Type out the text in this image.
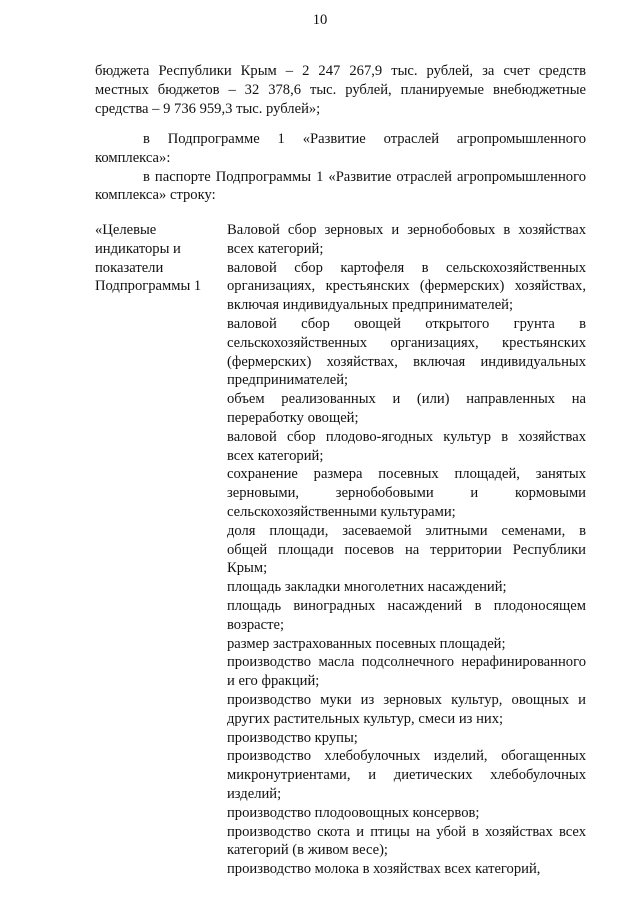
10
бюджета Республики Крым – 2 247 267,9 тыс. рублей, за счет средств
местных бюджетов – 32 378,6 тыс. рублей, планируемые внебюджетные
средства – 9 736 959,3 тыс. рублей»;
в Подпрограмме 1 «Развитие отраслей агропромышленного
комплекса»:
в паспорте Подпрограммы 1 «Развитие отраслей агропромышленного
комплекса» строку:
«Целевые
индикаторы и
показатели
Подпрограммы 1
Валовой сбор зерновых и зернобобовых в хозяйствах
всех категорий;
валовой сбор картофеля в сельскохозяйственных
организациях, крестьянских (фермерских) хозяйствах,
включая индивидуальных предпринимателей;
валовой сбор овощей открытого грунта в
сельскохозяйственных организациях, крестьянских
(фермерских) хозяйствах, включая индивидуальных
предпринимателей;
объем реализованных и (или) направленных на
переработку овощей;
валовой сбор плодово-ягодных культур в хозяйствах
всех категорий;
сохранение размера посевных площадей, занятых
зерновыми, зернобобовыми и кормовыми
сельскохозяйственными культурами;
доля площади, засеваемой элитными семенами, в
общей площади посевов на территории Республики
Крым;
площадь закладки многолетних насаждений;
площадь виноградных насаждений в плодоносящем
возрасте;
размер застрахованных посевных площадей;
производство масла подсолнечного нерафинированного
и его фракций;
производство муки из зерновых культур, овощных и
других растительных культур, смеси из них;
производство крупы;
производство хлебобулочных изделий, обогащенных
микронутриентами, и диетических хлебобулочных
изделий;
производство плодоовощных консервов;
производство скота и птицы на убой в хозяйствах всех
категорий (в живом весе);
производство молока в хозяйствах всех категорий,
